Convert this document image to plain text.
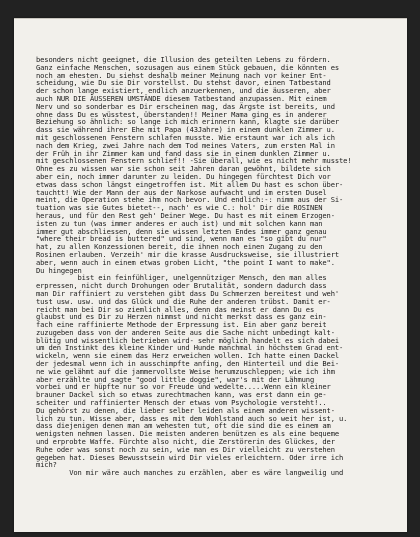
besonders nicht geeignet, die Illusion des geteilten Lebens zu fördern.
Ganz einfache Menschen, sozusagen aus einem Stück gebauen, die könnten es
noch am ehesten. Du siehst deshalb meiner Meinung nach vor keiner Ent-
scheidung, wie Du sie Dir vorstellst. Du stehst davor, einen Tatbestand
der schon lange existiert, endlich anzuerkennen, und die äusseren, aber
auch NUR DIE ÄUSSEREN UMSTÄNDE diesem Tatbestand anzupassen. Mit einem
Nerv und so sonderbar es Dir erscheinen mag, das Ärgste ist bereits, und
ohne dass Du es wüsstest, überstanden!! Meiner Mama ging es in anderer
Beziehung so ähnlich: so lange ich mich erinnern kann, klagte sie darüber
dass sie während ihrer Ehe mit Papa (43Jahre) in einem dunklen Zimmer u.
mit geschlossenen Fenstern schlafen musste. Wie erstaunt war ich als ich
nach dem Krieg, zwei Jahre nach dem Tod meines Vaters, zum ersten Mal in
der Früh in ihr Zimmer kam und fand dass sie in einem dunklen Zimmer u.
mit geschlossenen Fenstern schlief!! -Sie überall, wie es nicht mehr musste!
Ohne es zu wissen war sie schon seit Jahren daran gewöhnt, bildete sich
aber ein, noch immer darunter zu leiden. Du hingegen fürchtest Dich vor
etwas dass schon längst eingetroffen ist. Mit allem Du hast es schon über-
tauchtt! Wie der Mann der aus der Narkose aufwacht und im ersten Dusel
meint, die Operation stehe ihm noch bevor. Und endlich:-: nimm aus der Si-
tuation was sie Gutes bietet--, nach' es wie C.: hol' Dir die ROSINEN
heraus, und für den Rest geh' Deiner Wege. Du hast es mit einem Erzogen-
isten zu tun (was immer anderes er auch ist) und mit solchen kann man
immer gut abschliessen, denn sie wissen letzten Endes immer ganz genau
"where their bread is buttered" und sind, wenn man es "so gibt du nur"
hat, zu allen Konzessionen bereit, die ihnen noch einen Zugang zu den
Rosinen erlauben. Verzeih' mir die krasse Ausdrucksweise, sie illustriert
aber, wenn auch in einem etwas groben Licht, "the point I want to make".
Du hingegen
bist ein feinfühliger, unelgennütziger Mensch, den man alles
erpressen, nicht durch Drohungen oder Brutalität, sondern dadurch dass
man Dir raffiniert zu verstehen gibt dass Du Schmerzen bereitest und weh'
tust usw. usw. und das Glück und die Ruhe der anderen trübst. Damit er-
reicht man bei Dir so ziemlich alles, denn das meinst er dann Du es
glaubst und es Dir zu Herzen nimmst und nicht merkst dass es ganz ein-
fach eine raffinierte Methode der Erpressung ist. Ein aber ganz bereit
zuzugeben dass von der anderen Seite aus die Sache nicht unbedingt kalt-
blütig und wissentlich betrieben wird- sehr möglich handelt es sich dabei
um den Instinkt des kleine Kinder und Hunde manchmal in höchstem Grad ent-
wickeln, wenn sie einem das Herz erweichen wollen. Ich hatte einen Dackel
der jedesmal wenn ich in ausschimpfte anfing, den Hinterteil und die Bei-
ne wie gelähmt auf die jammervollste Weise herumzuschleppen; wie ich ihm
aber erzählte und sagte "good little doggie", war's mit der Lähmung
vorbei und er hüpfte nur so vor Freude und wedelte.....Wenn ein kleiner
brauner Dackel sich so etwas zurechtmachen kann, was erst dann ein ge-
scheiter und raffinierter Mensch der etwas vom Psychologie versteht!..
Du gehörst zu denen, die lieber selber leiden als einem anderen wissent-
lich zu tun. Wisse aber, dass es mit dem Wohlstand auch so weit her ist, u.
dass diejenigen denen man am wehesten tut, oft die sind die es einem am
wenigsten nehmen lassen. Die meisten anderen benützen es als eine bequeme
und erprobte Waffe. Fürchte also nicht, die Zerstörerin des Glückes, der
Ruhe oder was sonst noch zu sein, wie man es Dir vielleicht zu verstehen
gegeben hat. Dieses Bewusstsein wird Dir vieles erleichtern. Oder irre ich
mich?
Von mir wäre auch manches zu erzählen, aber es wäre langweilig und
